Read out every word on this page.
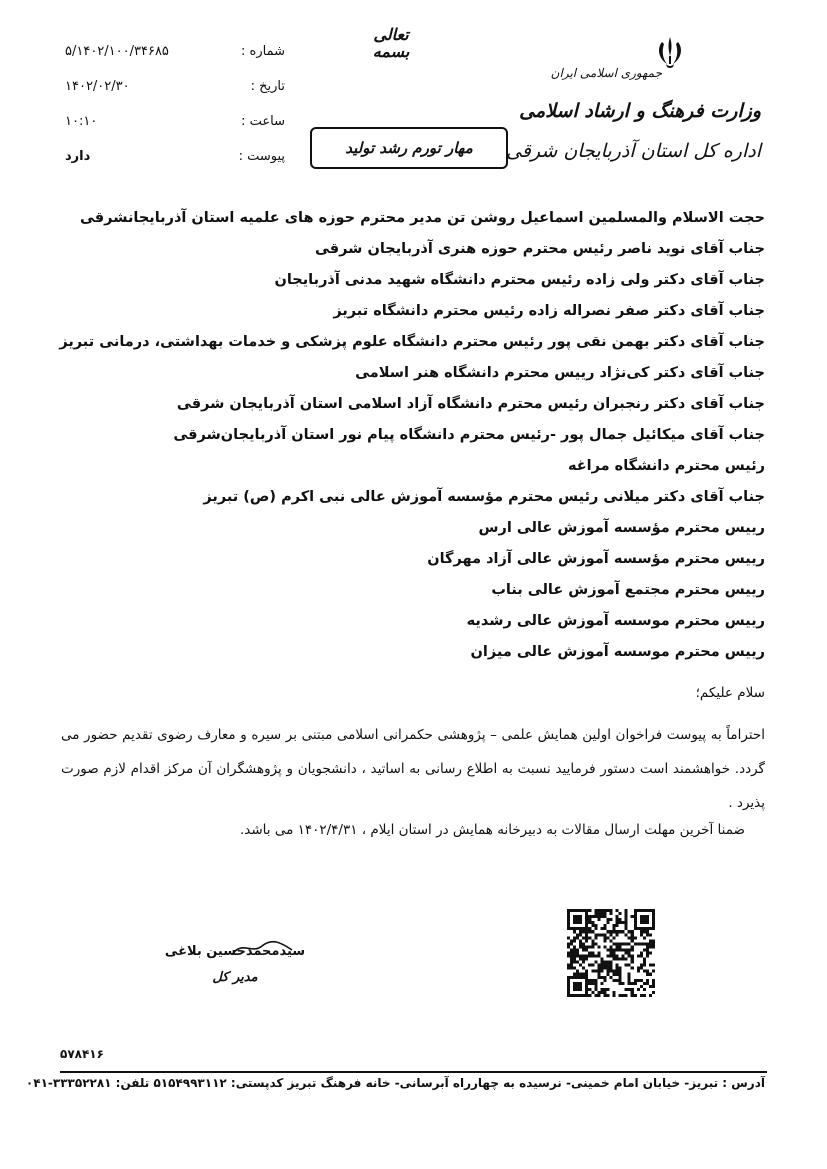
جمهوری اسلامی ایران
وزارت فرهنگ و ارشاد اسلامی
اداره کل استان آذربایجان شرقی
تعالی
بسمه
مهار تورم رشد تولید
شماره :
۵/۱۴۰۲/۱۰۰/۳۴۶۸۵
تاریخ :
۱۴۰۲/۰۲/۳۰
ساعت :
۱۰:۱۰
پیوست :
دارد
حجت الاسلام والمسلمین اسماعیل روشن تن مدیر محترم حوزه های علمیه استان آذربایجانشرقی
جناب آقای نوید ناصر رئیس محترم حوزه هنری آذربایجان شرقی
جناب آقای دکتر ولی زاده رئیس محترم دانشگاه شهید مدنی آذربایجان
جناب آقای دکتر صفر نصراله زاده رئیس محترم دانشگاه تبریز
جناب آقای دکتر بهمن نقی پور رئیس محترم دانشگاه علوم پزشکی و خدمات بهداشتی، درمانی تبریز
جناب آقای دکتر کی‌نژاد رییس محترم دانشگاه هنر اسلامی
جناب آقای دکتر رنجبران رئیس محترم دانشگاه آزاد اسلامی استان آذربایجان شرقی
جناب آقای میکائیل جمال پور -رئیس محترم دانشگاه پیام نور استان آذربایجان‌شرقی
رئیس محترم دانشگاه مراغه
جناب آقای دکتر میلانی رئیس محترم مؤسسه آموزش عالی نبی اکرم (ص) تبریز
رییس محترم مؤسسه آموزش عالی ارس
رییس محترم مؤسسه آموزش عالی آزاد مهرگان
رییس محترم مجتمع آموزش عالی بناب
رییس محترم موسسه آموزش عالی رشدیه
رییس محترم موسسه آموزش عالی میزان
سلام علیکم؛

احتراماً به پیوست فراخوان اولین همایش علمی – پژوهشی حکمرانی اسلامی مبتنی بر سیره و معارف رضوی تقدیم حضور می گردد. خواهشمند است دستور فرمایید نسبت به اطلاع رسانی به اساتید ، دانشجویان و پژوهشگران آن مرکز اقدام لازم صورت پذیرد .

ضمنا آخرین مهلت ارسال مقالات به دبیرخانه همایش در استان ایلام ، ۱۴۰۲/۴/۳۱ می باشد.
سیدمحمدحسین بلاغی
مدیر کل
۵۷۸۴۱۶
آدرس : تبریز- خیابان امام خمینی- نرسیده به چهارراه آبرسانی- خانه فرهنگ تبریز کدپستی: ۵۱۵۴۹۹۳۱۱۲ تلفن: ۳۳۳۵۲۲۸۱-۰۴۱
